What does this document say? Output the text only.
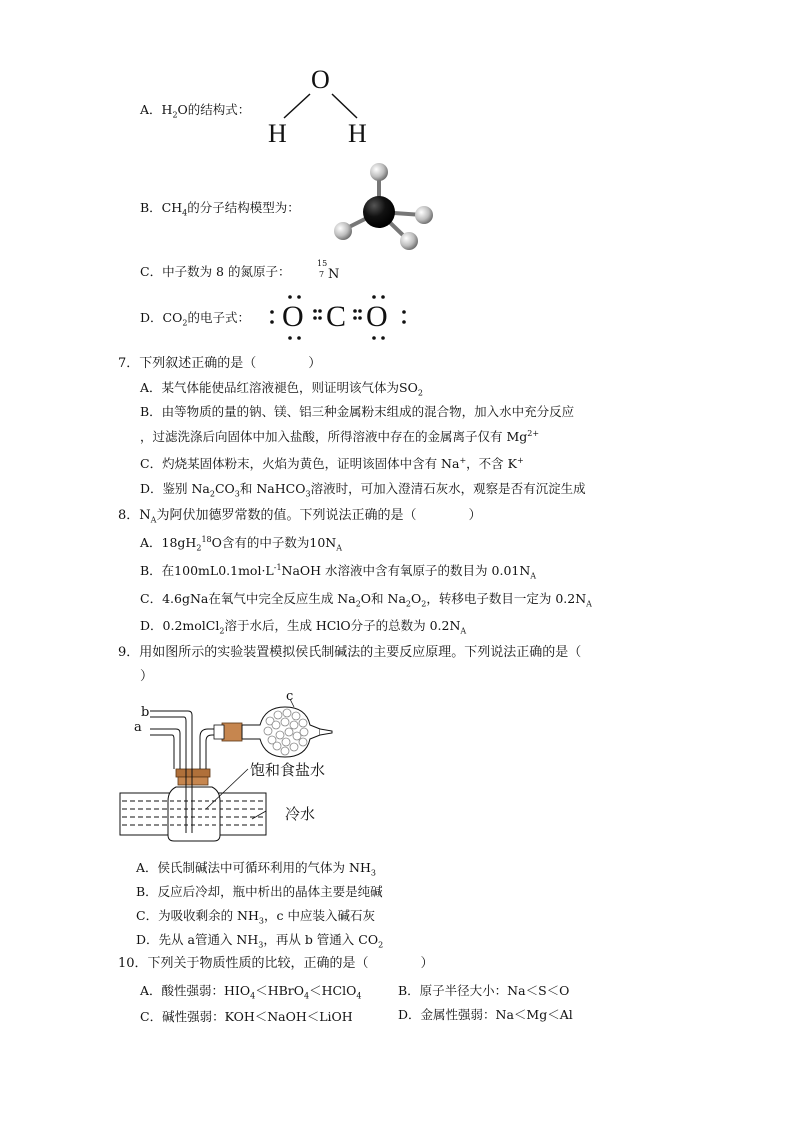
A．$H_2O$的结构式：
O
H H
B．$CH_4$的分子结构模型为：
C．中子数为 8 的氮原子：
15
7 N
D．$CO_2$的电子式： O C O
7．下列叙述正确的是（　　　　）
A．某气体能使品红溶液褪色，则证明该气体为$SO_2$
B．由等物质的量的钠、镁、铝三种金属粉末组成的混合物，加入水中充分反应
，过滤洗涤后向固体中加入盐酸，所得溶液中存在的金属离子仅有 $Mg^{2+}$
C．灼烧某固体粉末，火焰为黄色，证明该固体中含有 Na+，不含 K+
D．鉴别 $Na_2CO_3$和 NaHCO$_3$溶液时，可加入澄清石灰水，观察是否有沉淀生成
8．$N_A$为阿伏加德罗常数的值。下列说法正确的是（　　　　）
A．$18gH_2^{18}O$含有的中子数为$10N_A$
B．在$100mL0.1mol\cdot L^{-1}NaOH$ 水溶液中含有氧原子的数目为 $0.01N_A$
C．4.6gNa在氧气中完全反应生成 $Na_2O$和 $Na_2O_2$，转移电子数目一定为 $0.2N_A$
D．0.2molCl$_2$溶于水后，生成 HClO分子的总数为 $0.2N_A$
9．用如图所示的实验装置模拟侯氏制碱法的主要反应原理。下列说法正确的是（
）
b
a
c
饱和食盐水
冷水
A．侯氏制碱法中可循环利用的气体为 $NH_3$
B．反应后冷却，瓶中析出的晶体主要是纯碱
C．为吸收剩余的 $NH_3$，c 中应装入碱石灰
D．先从 a管通入 $NH_3$，再从 b 管通入 $CO_2$
10．下列关于物质性质的比较，正确的是（　　　　）
A．酸性强弱：$HIO_4<HBrO_4<HClO_4$	B．原子半径大小：Na＜S＜O
C．碱性强弱：KOH＜NaOH＜LiOH	D．金属性强弱：Na＜Mg＜Al
